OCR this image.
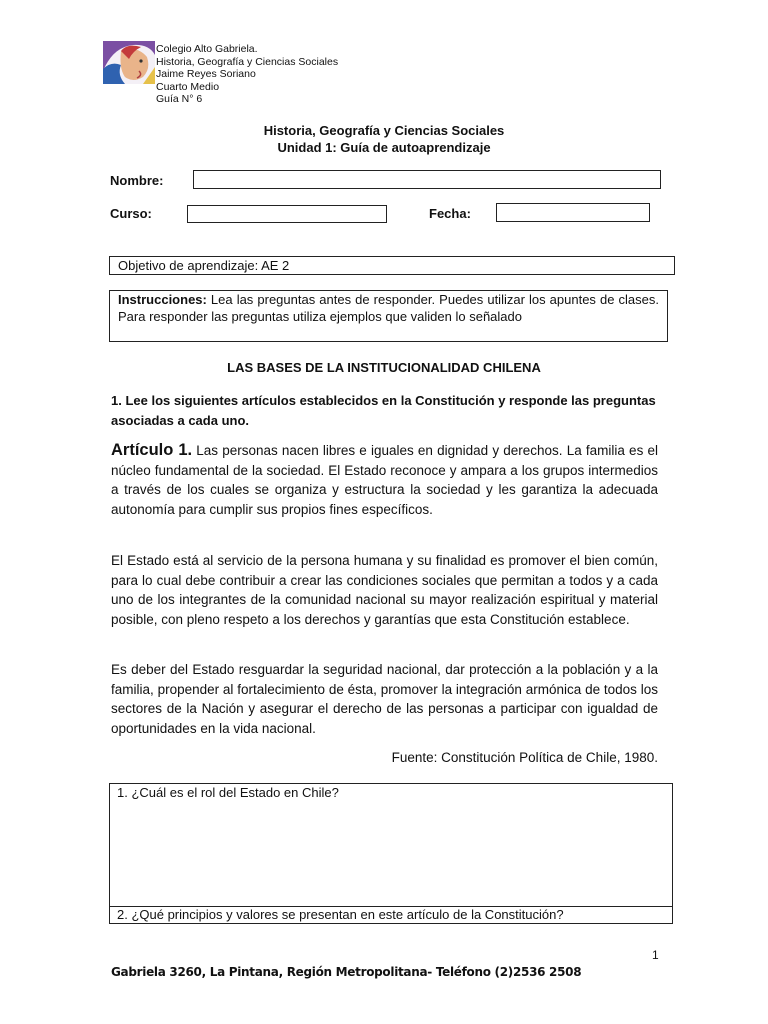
Colegio Alto Gabriela.
Historia, Geografía y Ciencias Sociales
Jaime Reyes Soriano
Cuarto Medio
Guía N° 6
Historia, Geografía y Ciencias Sociales
Unidad 1: Guía de autoaprendizaje
Nombre:
Curso:	Fecha:
Objetivo de aprendizaje: AE 2
Instrucciones: Lea las preguntas antes de responder. Puedes utilizar los apuntes de clases. Para responder las preguntas utiliza ejemplos que validen lo señalado
LAS BASES DE LA INSTITUCIONALIDAD CHILENA
1. Lee los siguientes artículos establecidos en la Constitución y responde las preguntas asociadas a cada uno.
Artículo 1. Las personas nacen libres e iguales en dignidad y derechos. La familia es el núcleo fundamental de la sociedad. El Estado reconoce y ampara a los grupos intermedios a través de los cuales se organiza y estructura la sociedad y les garantiza la adecuada autonomía para cumplir sus propios fines específicos.
El Estado está al servicio de la persona humana y su finalidad es promover el bien común, para lo cual debe contribuir a crear las condiciones sociales que permitan a todos y a cada uno de los integrantes de la comunidad nacional su mayor realización espiritual y material posible, con pleno respeto a los derechos y garantías que esta Constitución establece.
Es deber del Estado resguardar la seguridad nacional, dar protección a la población y a la familia, propender al fortalecimiento de ésta, promover la integración armónica de todos los sectores de la Nación y asegurar el derecho de las personas a participar con igualdad de oportunidades en la vida nacional.
Fuente: Constitución Política de Chile, 1980.
1. ¿Cuál es el rol del Estado en Chile?
2. ¿Qué principios y valores se presentan en este artículo de la Constitución?
1
Gabriela 3260, La Pintana, Región Metropolitana- Teléfono (2)2536 2508
